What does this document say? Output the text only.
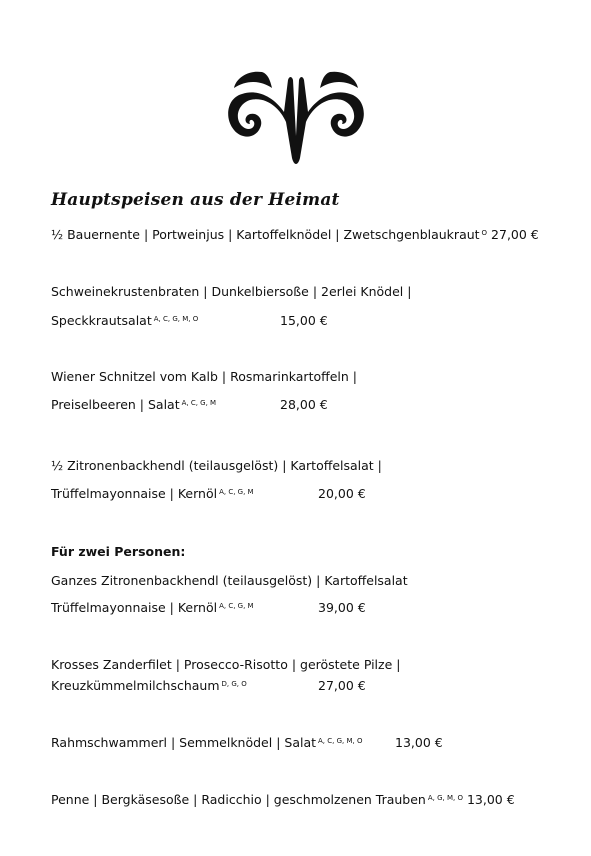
Hauptspeisen aus der Heimat
½ Bauernente | Portweinjus | Kartoffelknödel | Zwetschgenblaukraut $^O$ 27,00 €
Schweinekrustenbraten | Dunkelbiersoße | 2erlei Knödel |
Speckkrautsalat $^{A, C, G, M, O}$	15,00 €
Wiener Schnitzel vom Kalb | Rosmarinkartoffeln |
Preiselbeeren | Salat $^{A, C, G, M}$	28,00 €
½ Zitronenbackhendl (teilausgelöst) | Kartoffelsalat |
Trüffelmayonnaise | Kernöl $^{A, C, G, M}$	20,00 €
Für zwei Personen:
Ganzes Zitronenbackhendl (teilausgelöst) | Kartoffelsalat
Trüffelmayonnaise | Kernöl $^{A, C, G, M}$	39,00 €
Krosses Zanderfilet | Prosecco-Risotto | geröstete Pilze |
Kreuzkümmelmilchschaum $^{D, G, O}$	27,00 €
Rahmschwammerl | Semmelknödel | Salat $^{A, C, G, M, O}$	13,00 €
Penne | Bergkäsesoße | Radicchio | geschmolzenen Trauben $^{A, G, M, O}$ 13,00 €
